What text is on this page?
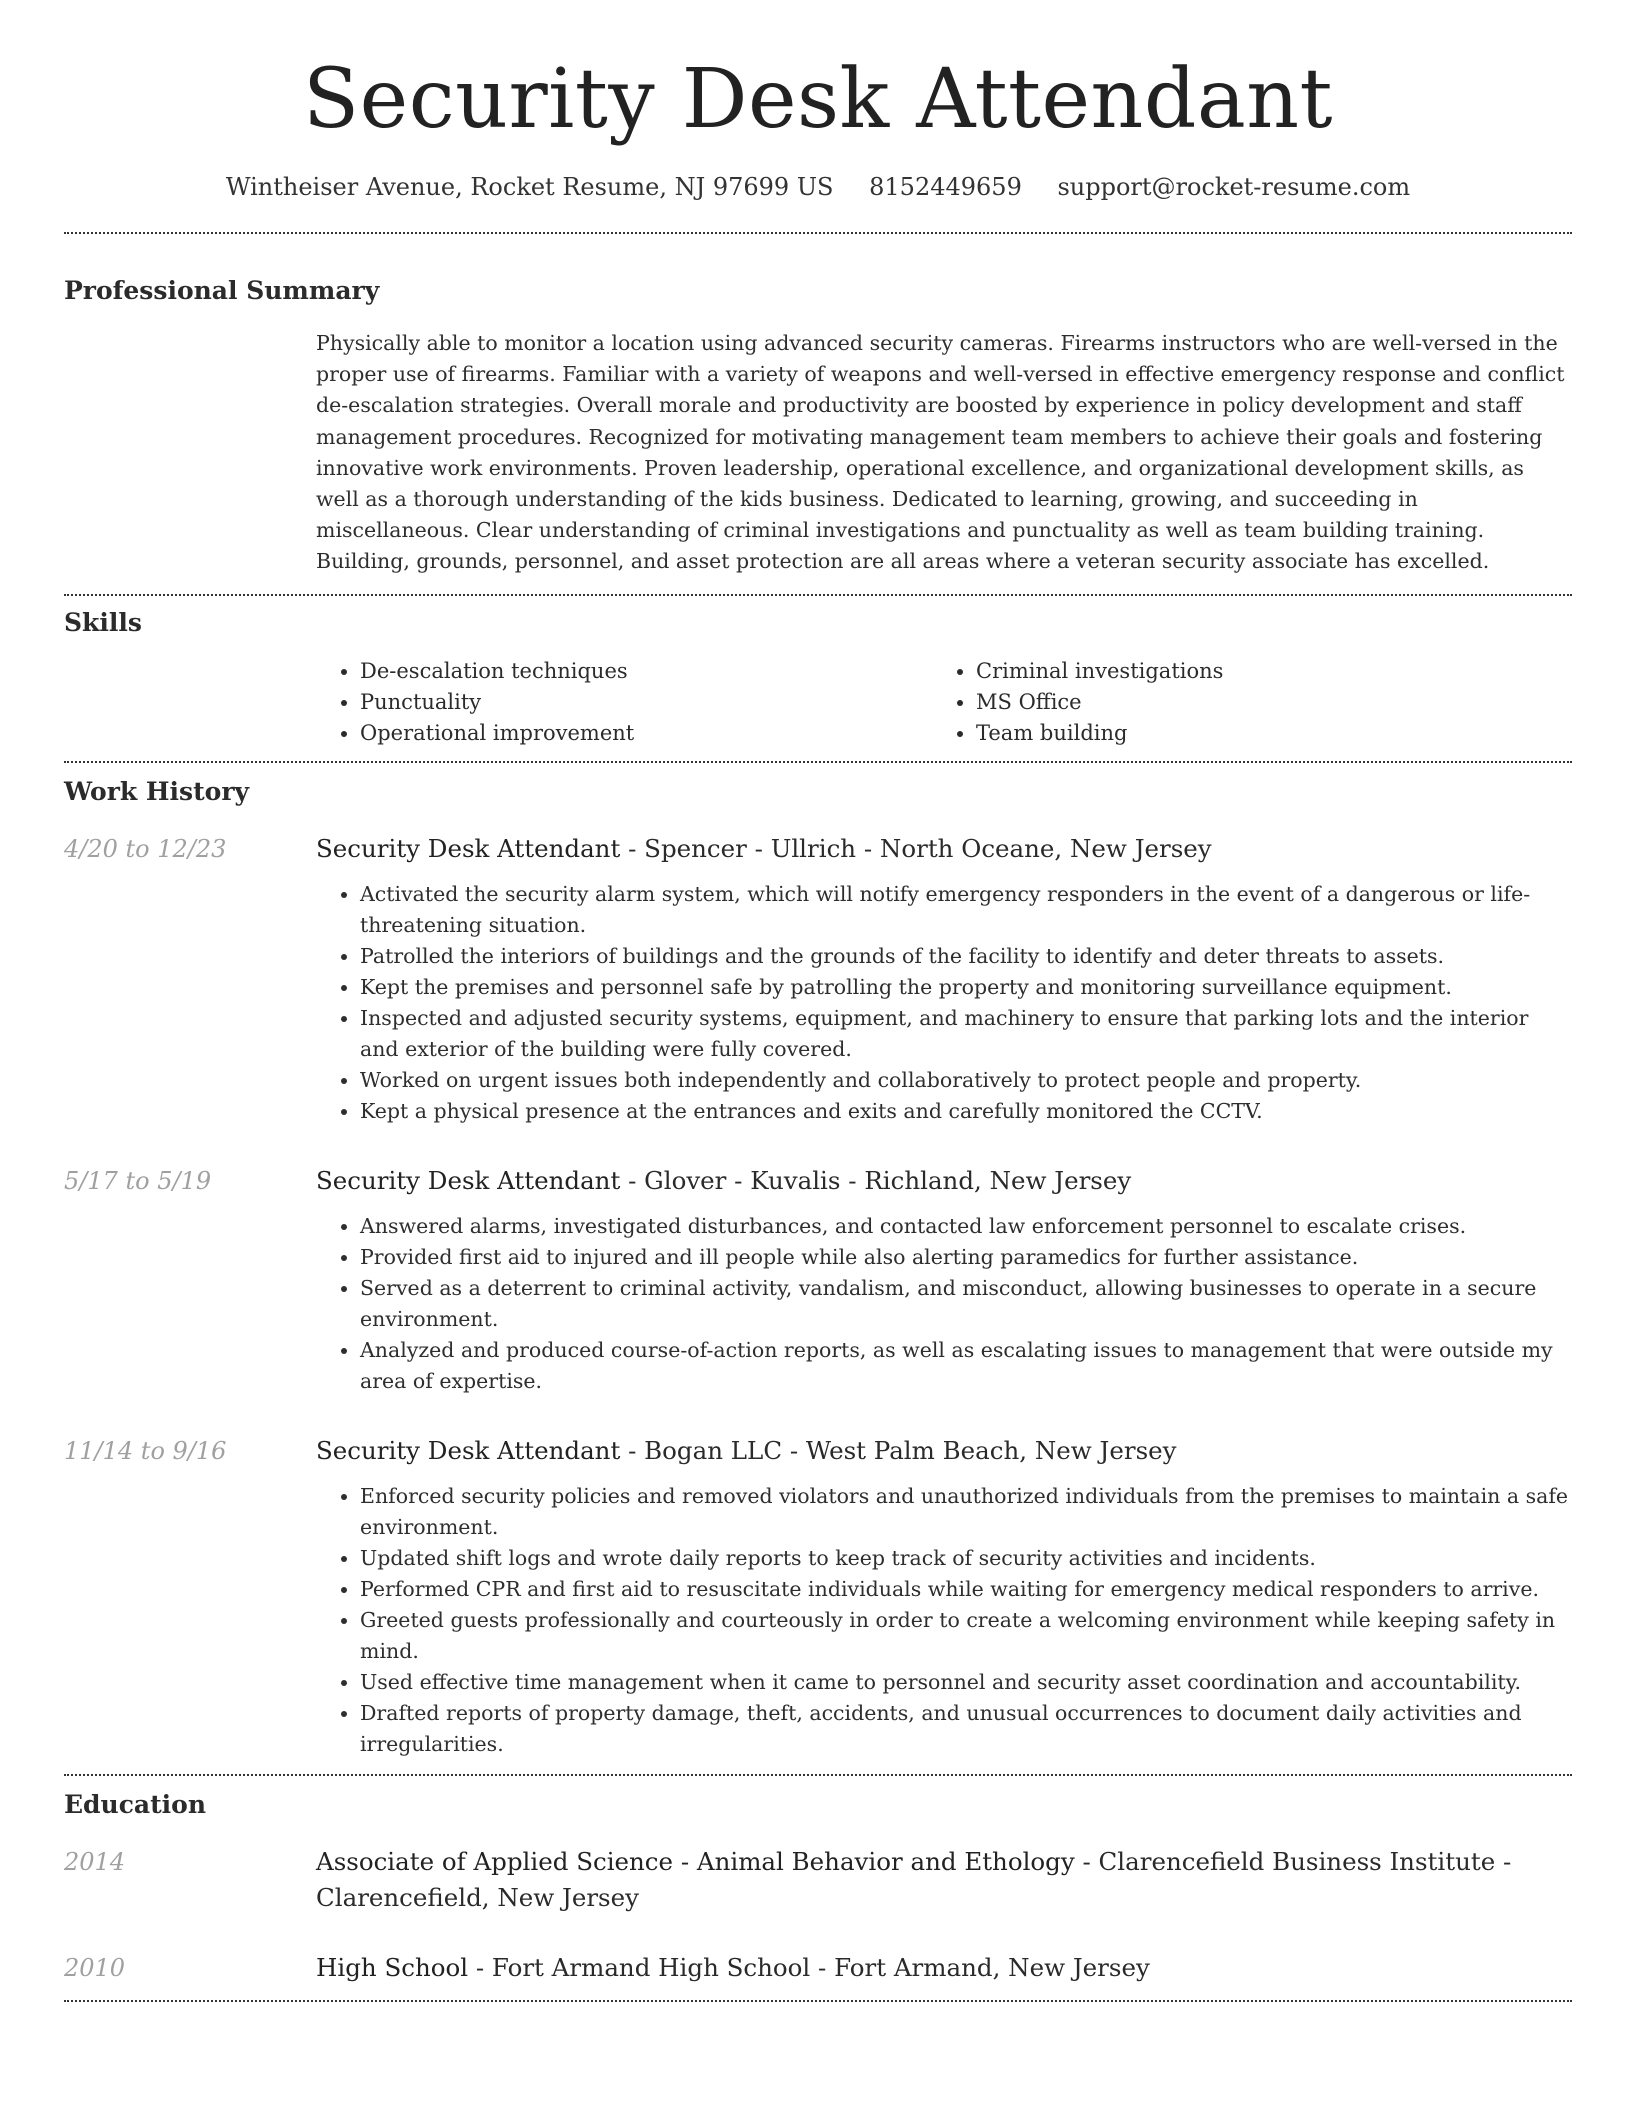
Security Desk Attendant
Wintheiser Avenue, Rocket Resume, NJ 97699 US 8152449659 support@rocket-resume.com
Professional Summary
Physically able to monitor a location using advanced security cameras. Firearms instructors who are well-versed in the proper use of firearms. Familiar with a variety of weapons and well-versed in effective emergency response and conflict de-escalation strategies. Overall morale and productivity are boosted by experience in policy development and staff management procedures. Recognized for motivating management team members to achieve their goals and fostering innovative work environments. Proven leadership, operational excellence, and organizational development skills, as well as a thorough understanding of the kids business. Dedicated to learning, growing, and succeeding in miscellaneous. Clear understanding of criminal investigations and punctuality as well as team building training. Building, grounds, personnel, and asset protection are all areas where a veteran security associate has excelled.
Skills
• De-escalation techniques
• Punctuality
• Operational improvement
• Criminal investigations
• MS Office
• Team building
Work History
4/20 to 12/23	Security Desk Attendant - Spencer - Ullrich - North Oceane, New Jersey
• Activated the security alarm system, which will notify emergency responders in the event of a dangerous or life-threatening situation.
• Patrolled the interiors of buildings and the grounds of the facility to identify and deter threats to assets.
• Kept the premises and personnel safe by patrolling the property and monitoring surveillance equipment.
• Inspected and adjusted security systems, equipment, and machinery to ensure that parking lots and the interior and exterior of the building were fully covered.
• Worked on urgent issues both independently and collaboratively to protect people and property.
• Kept a physical presence at the entrances and exits and carefully monitored the CCTV.
5/17 to 5/19	Security Desk Attendant - Glover - Kuvalis - Richland, New Jersey
• Answered alarms, investigated disturbances, and contacted law enforcement personnel to escalate crises.
• Provided first aid to injured and ill people while also alerting paramedics for further assistance.
• Served as a deterrent to criminal activity, vandalism, and misconduct, allowing businesses to operate in a secure environment.
• Analyzed and produced course-of-action reports, as well as escalating issues to management that were outside my area of expertise.
11/14 to 9/16	Security Desk Attendant - Bogan LLC - West Palm Beach, New Jersey
• Enforced security policies and removed violators and unauthorized individuals from the premises to maintain a safe environment.
• Updated shift logs and wrote daily reports to keep track of security activities and incidents.
• Performed CPR and first aid to resuscitate individuals while waiting for emergency medical responders to arrive.
• Greeted guests professionally and courteously in order to create a welcoming environment while keeping safety in mind.
• Used effective time management when it came to personnel and security asset coordination and accountability.
• Drafted reports of property damage, theft, accidents, and unusual occurrences to document daily activities and irregularities.
Education
2014	Associate of Applied Science - Animal Behavior and Ethology - Clarencefield Business Institute - Clarencefield, New Jersey
2010	High School - Fort Armand High School - Fort Armand, New Jersey
